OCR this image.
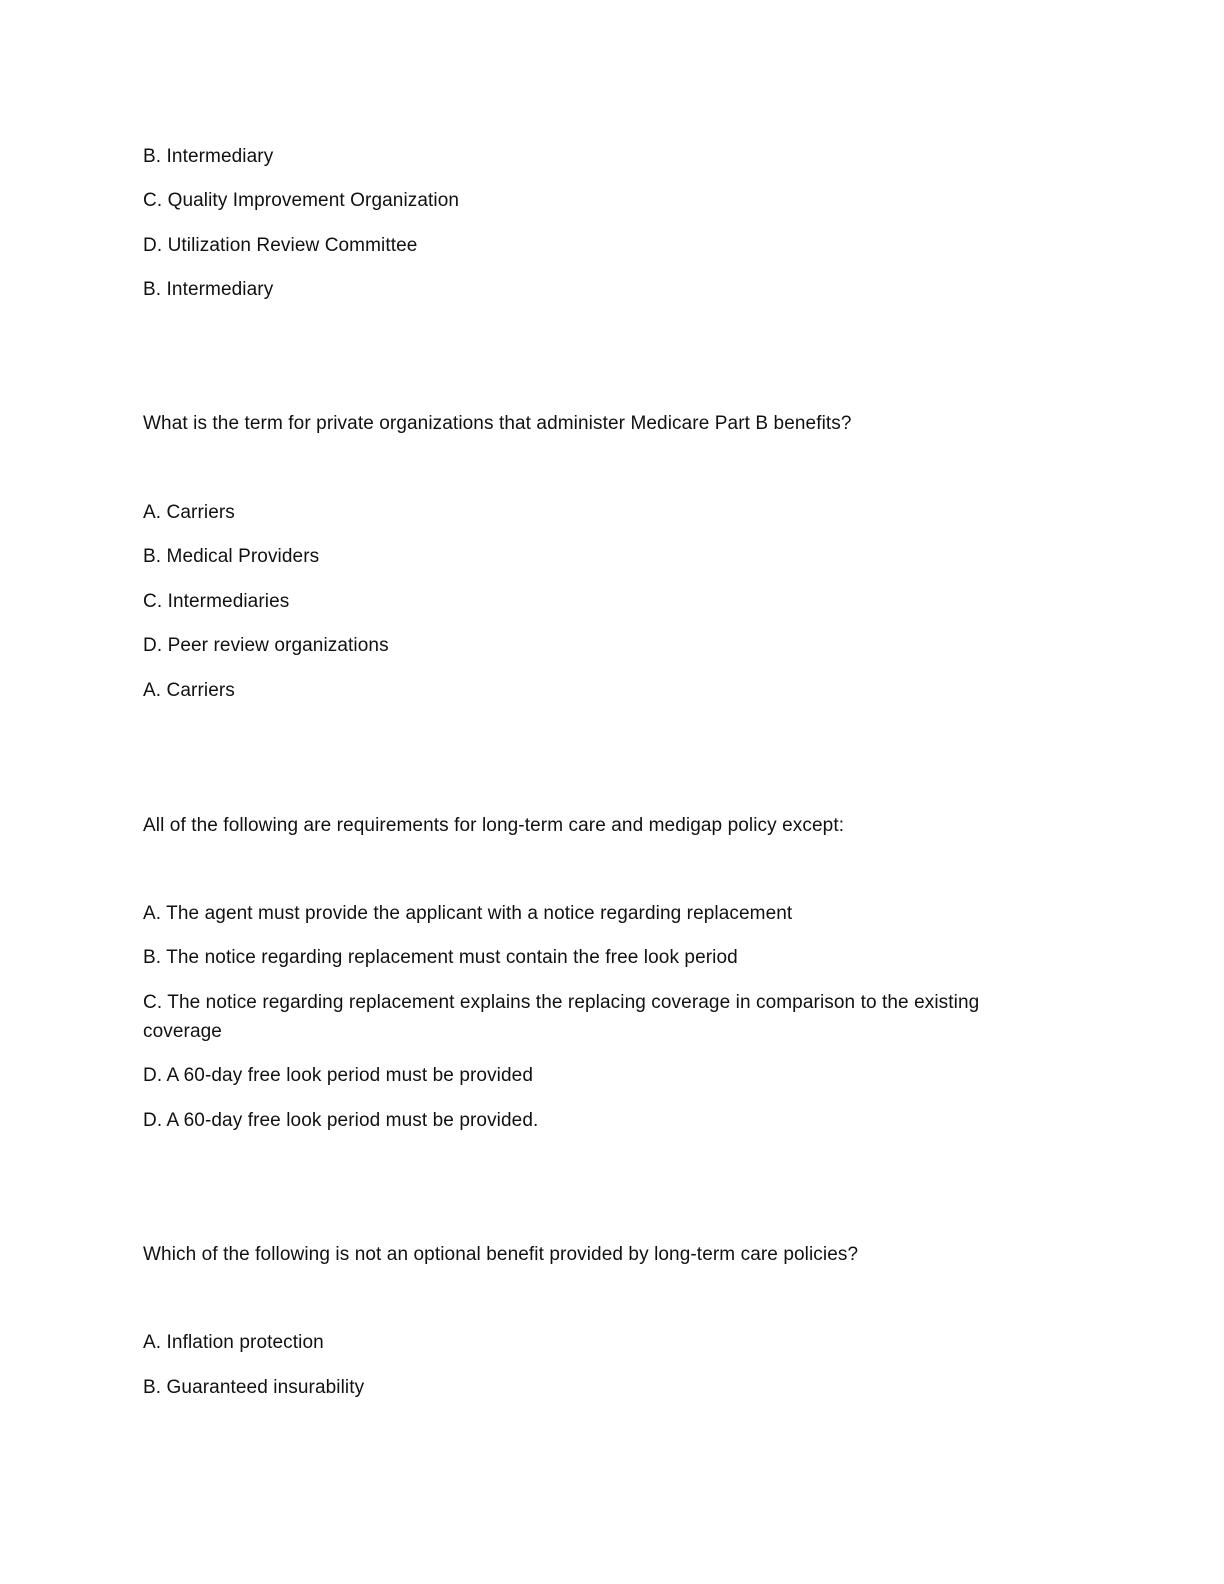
B. Intermediary
C. Quality Improvement Organization
D. Utilization Review Committee
B. Intermediary
What is the term for private organizations that administer Medicare Part B benefits?
A. Carriers
B. Medical Providers
C. Intermediaries
D. Peer review organizations
A. Carriers
All of the following are requirements for long-term care and medigap policy except:
A. The agent must provide the applicant with a notice regarding replacement
B. The notice regarding replacement must contain the free look period
C. The notice regarding replacement explains the replacing coverage in comparison to the existing coverage
D. A 60-day free look period must be provided
D. A 60-day free look period must be provided.
Which of the following is not an optional benefit provided by long-term care policies?
A. Inflation protection
B. Guaranteed insurability
